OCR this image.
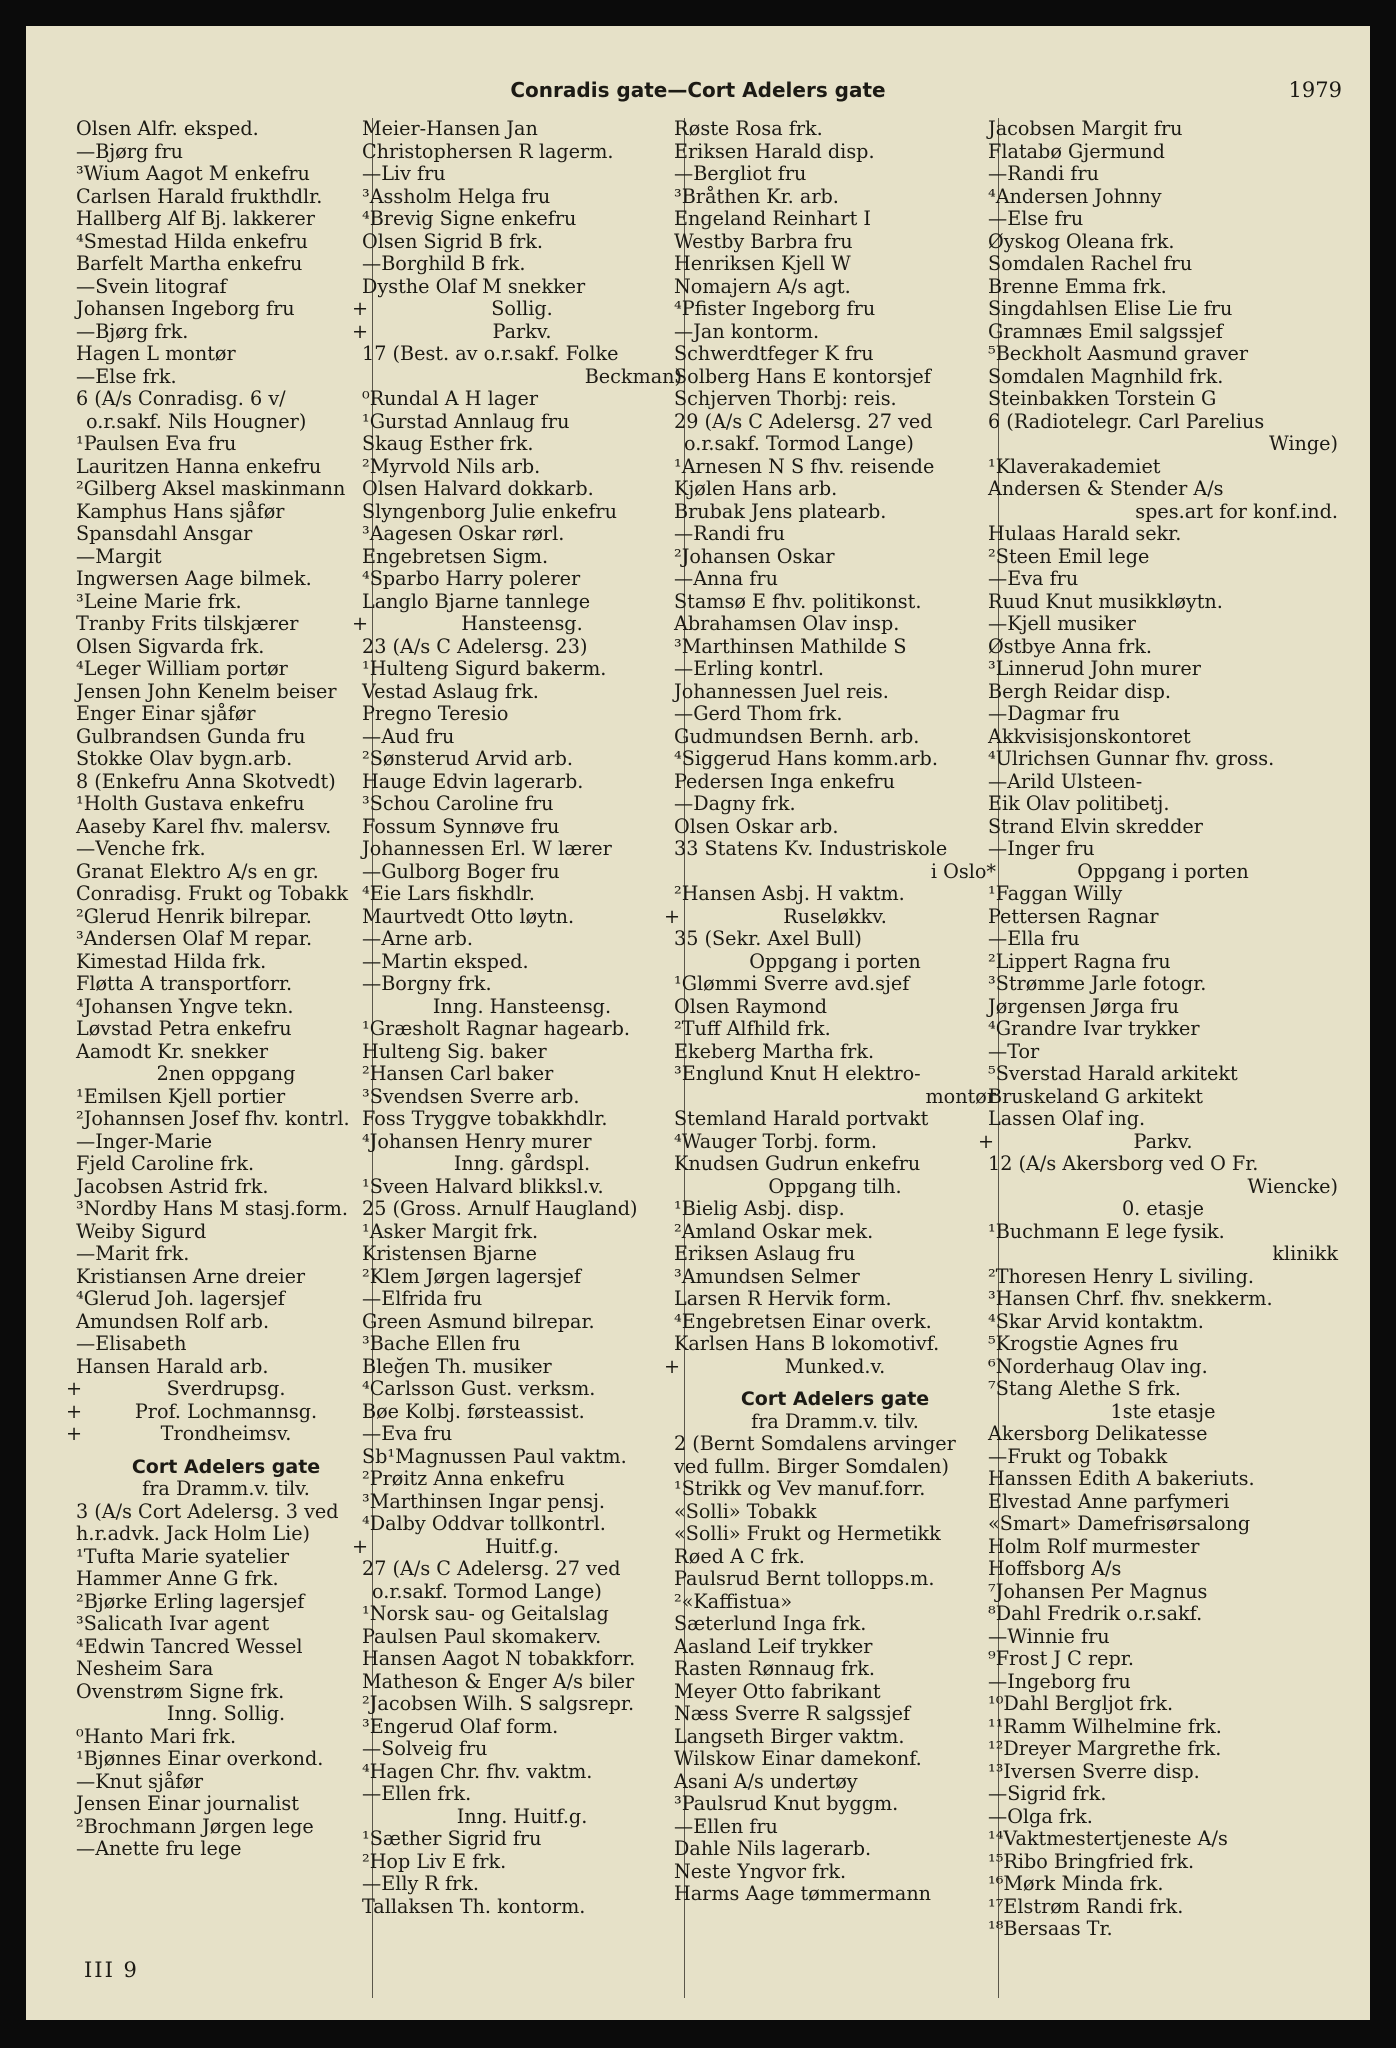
Conradis gate—Cort Adelers gate	1979
Olsen Alfr. eksped.
—Bjørg fru
³Wium Aagot M enkefru
Carlsen Harald frukthdlr.
Hallberg Alf Bj. lakkerer
⁴Smestad Hilda enkefru
Barfelt Martha enkefru
—Svein litograf
Johansen Ingeborg fru
—Bjørg frk.
Hagen L montør
—Else frk.
6 (A/s Conradisg. 6 v/
o.r.sakf. Nils Hougner)
¹Paulsen Eva fru
Lauritzen Hanna enkefru
²Gilberg Aksel maskinmann
Kamphus Hans sjåfør
Spansdahl Ansgar
—Margit
Ingwersen Aage bilmek.
³Leine Marie frk.
Tranby Frits tilskjærer
Olsen Sigvarda frk.
⁴Leger William portør
Jensen John Kenelm beiser
Enger Einar sjåfør
Gulbrandsen Gunda fru
Stokke Olav bygn.arb.
8 (Enkefru Anna Skotvedt)
¹Holth Gustava enkefru
Aaseby Karel fhv. malersv.
—Venche frk.
Granat Elektro A/s en gr.
Conradisg. Frukt og Tobakk
²Glerud Henrik bilrepar.
³Andersen Olaf M repar.
Kimestad Hilda frk.
Fløtta A transportforr.
⁴Johansen Yngve tekn.
Løvstad Petra enkefru
Aamodt Kr. snekker
2nen oppgang
¹Emilsen Kjell portier
²Johannsen Josef fhv. kontrl.
—Inger-Marie
Fjeld Caroline frk.
Jacobsen Astrid frk.
³Nordby Hans M stasj.form.
Weiby Sigurd
—Marit frk.
Kristiansen Arne dreier
⁴Glerud Joh. lagersjef
Amundsen Rolf arb.
—Elisabeth
Hansen Harald arb.
+	Sverdrupsg.
+	Prof. Lochmannsg.
+	Trondheimsv.
Cort Adelers gate
fra Dramm.v. tilv.
3 (A/s Cort Adelersg. 3 ved
h.r.advk. Jack Holm Lie)
¹Tufta Marie syatelier
Hammer Anne G frk.
²Bjørke Erling lagersjef
³Salicath Ivar agent
⁴Edwin Tancred Wessel
Nesheim Sara
Ovenstrøm Signe frk.
Inng. Sollig.
⁰Hanto Mari frk.
¹Bjønnes Einar overkond.
—Knut sjåfør
Jensen Einar journalist
²Brochmann Jørgen lege
—Anette fru lege
Meier-Hansen Jan
Christophersen R lagerm.
—Liv fru
³Assholm Helga fru
⁴Brevig Signe enkefru
Olsen Sigrid B frk.
—Borghild B frk.
Dysthe Olaf M snekker
+	Sollig.
+	Parkv.
17 (Best. av o.r.sakf. Folke
Beckman)
⁰Rundal A H lager
¹Gurstad Annlaug fru
Skaug Esther frk.
²Myrvold Nils arb.
Olsen Halvard dokkarb.
Slyngenborg Julie enkefru
³Aagesen Oskar rørl.
Engebretsen Sigm.
⁴Sparbo Harry polerer
Langlo Bjarne tannlege
+	Hansteensg.
23 (A/s C Adelersg. 23)
¹Hulteng Sigurd bakerm.
Vestad Aslaug frk.
Pregno Teresio
—Aud fru
²Sønsterud Arvid arb.
Hauge Edvin lagerarb.
³Schou Caroline fru
Fossum Synnøve fru
Johannessen Erl. W lærer
—Gulborg Boger fru
⁴Eie Lars fiskhdlr.
Maurtvedt Otto løytn.
—Arne arb.
—Martin eksped.
—Borgny frk.
Inng. Hansteensg.
¹Græsholt Ragnar hagearb.
Hulteng Sig. baker
²Hansen Carl baker
³Svendsen Sverre arb.
Foss Tryggve tobakkhdlr.
⁴Johansen Henry murer
Inng. gårdspl.
¹Sveen Halvard blikksl.v.
25 (Gross. Arnulf Haugland)
¹Asker Margit frk.
Kristensen Bjarne
²Klem Jørgen lagersjef
—Elfrida fru
Green Asmund bilrepar.
³Bache Ellen fru
Bleğen Th. musiker
⁴Carlsson Gust. verksm.
Bøe Kolbj. førsteassist.
—Eva fru
Sb¹Magnussen Paul vaktm.
²Prøitz Anna enkefru
³Marthinsen Ingar pensj.
⁴Dalby Oddvar tollkontrl.
+	Huitf.g.
27 (A/s C Adelersg. 27 ved
o.r.sakf. Tormod Lange)
¹Norsk sau- og Geitalslag
Paulsen Paul skomakerv.
Hansen Aagot N tobakkforr.
Matheson & Enger A/s biler
²Jacobsen Wilh. S salgsrepr.
³Engerud Olaf form.
—Solveig fru
⁴Hagen Chr. fhv. vaktm.
—Ellen frk.
Inng. Huitf.g.
¹Sæther Sigrid fru
²Hop Liv E frk.
—Elly R frk.
Tallaksen Th. kontorm.
Røste Rosa frk.
Eriksen Harald disp.
—Bergliot fru
³Bråthen Kr. arb.
Engeland Reinhart I
Westby Barbra fru
Henriksen Kjell W
Nomajern A/s agt.
⁴Pfister Ingeborg fru
—Jan kontorm.
Schwerdtfeger K fru
Solberg Hans E kontorsjef
Schjerven Thorbj: reis.
29 (A/s C Adelersg. 27 ved
o.r.sakf. Tormod Lange)
¹Arnesen N S fhv. reisende
Kjølen Hans arb.
Brubak Jens platearb.
—Randi fru
²Johansen Oskar
—Anna fru
Stamsø E fhv. politikonst.
Abrahamsen Olav insp.
³Marthinsen Mathilde S
—Erling kontrl.
Johannessen Juel reis.
—Gerd Thom frk.
Gudmundsen Bernh. arb.
⁴Siggerud Hans komm.arb.
Pedersen Inga enkefru
—Dagny frk.
Olsen Oskar arb.
33 Statens Kv. Industriskole
i Oslo*
²Hansen Asbj. H vaktm.
+	Ruseløkkv.
35 (Sekr. Axel Bull)
Oppgang i porten
¹Glømmi Sverre avd.sjef
Olsen Raymond
²Tuff Alfhild frk.
Ekeberg Martha frk.
³Englund Knut H elektro-
montør
Stemland Harald portvakt
⁴Wauger Torbj. form.
Knudsen Gudrun enkefru
Oppgang tilh.
¹Bielig Asbj. disp.
²Amland Oskar mek.
Eriksen Aslaug fru
³Amundsen Selmer
Larsen R Hervik form.
⁴Engebretsen Einar overk.
Karlsen Hans B lokomotivf.
+	Munked.v.
Cort Adelers gate
fra Dramm.v. tilv.
2 (Bernt Somdalens arvinger
ved fullm. Birger Somdalen)
¹Strikk og Vev manuf.forr.
«Solli» Tobakk
«Solli» Frukt og Hermetikk
Røed A C frk.
Paulsrud Bernt tollopps.m.
²«Kaffistua»
Sæterlund Inga frk.
Aasland Leif trykker
Rasten Rønnaug frk.
Meyer Otto fabrikant
Næss Sverre R salgssjef
Langseth Birger vaktm.
Wilskow Einar damekonf.
Asani A/s undertøy
³Paulsrud Knut byggm.
—Ellen fru
Dahle Nils lagerarb.
Neste Yngvor frk.
Harms Aage tømmermann
Jacobsen Margit fru
Flatabø Gjermund
—Randi fru
⁴Andersen Johnny
—Else fru
Øyskog Oleana frk.
Somdalen Rachel fru
Brenne Emma frk.
Singdahlsen Elise Lie fru
Gramnæs Emil salgssjef
⁵Beckholt Aasmund graver
Somdalen Magnhild frk.
Steinbakken Torstein G
6 (Radiotelegr. Carl Parelius
Winge)
¹Klaverakademiet
Andersen & Stender A/s
spes.art for konf.ind.
Hulaas Harald sekr.
²Steen Emil lege
—Eva fru
Ruud Knut musikkløytn.
—Kjell musiker
Østbye Anna frk.
³Linnerud John murer
Bergh Reidar disp.
—Dagmar fru
Akkvisisjonskontoret
⁴Ulrichsen Gunnar fhv. gross.
—Arild Ulsteen-
Eik Olav politibetj.
Strand Elvin skredder
—Inger fru
Oppgang i porten
¹Faggan Willy
Pettersen Ragnar
—Ella fru
²Lippert Ragna fru
³Strømme Jarle fotogr.
Jørgensen Jørga fru
⁴Grandre Ivar trykker
—Tor
⁵Sverstad Harald arkitekt
Bruskeland G arkitekt
Lassen Olaf ing.
+	Parkv.
12 (A/s Akersborg ved O Fr.
Wiencke)
0. etasje
¹Buchmann E lege fysik.
klinikk
²Thoresen Henry L siviling.
³Hansen Chrf. fhv. snekkerm.
⁴Skar Arvid kontaktm.
⁵Krogstie Agnes fru
⁶Norderhaug Olav ing.
⁷Stang Alethe S frk.
1ste etasje
Akersborg Delikatesse
—Frukt og Tobakk
Hanssen Edith A bakeriuts.
Elvestad Anne parfymeri
«Smart» Damefrisørsalong
Holm Rolf murmester
Hoffsborg A/s
⁷Johansen Per Magnus
⁸Dahl Fredrik o.r.sakf.
—Winnie fru
⁹Frost J C repr.
—Ingeborg fru
¹⁰Dahl Bergljot frk.
¹¹Ramm Wilhelmine frk.
¹²Dreyer Margrethe frk.
¹³Iversen Sverre disp.
—Sigrid frk.
—Olga frk.
¹⁴Vaktmestertjeneste A/s
¹⁵Ribo Bringfried frk.
¹⁶Mørk Minda frk.
¹⁷Elstrøm Randi frk.
¹⁸Bersaas Tr.
III 9
